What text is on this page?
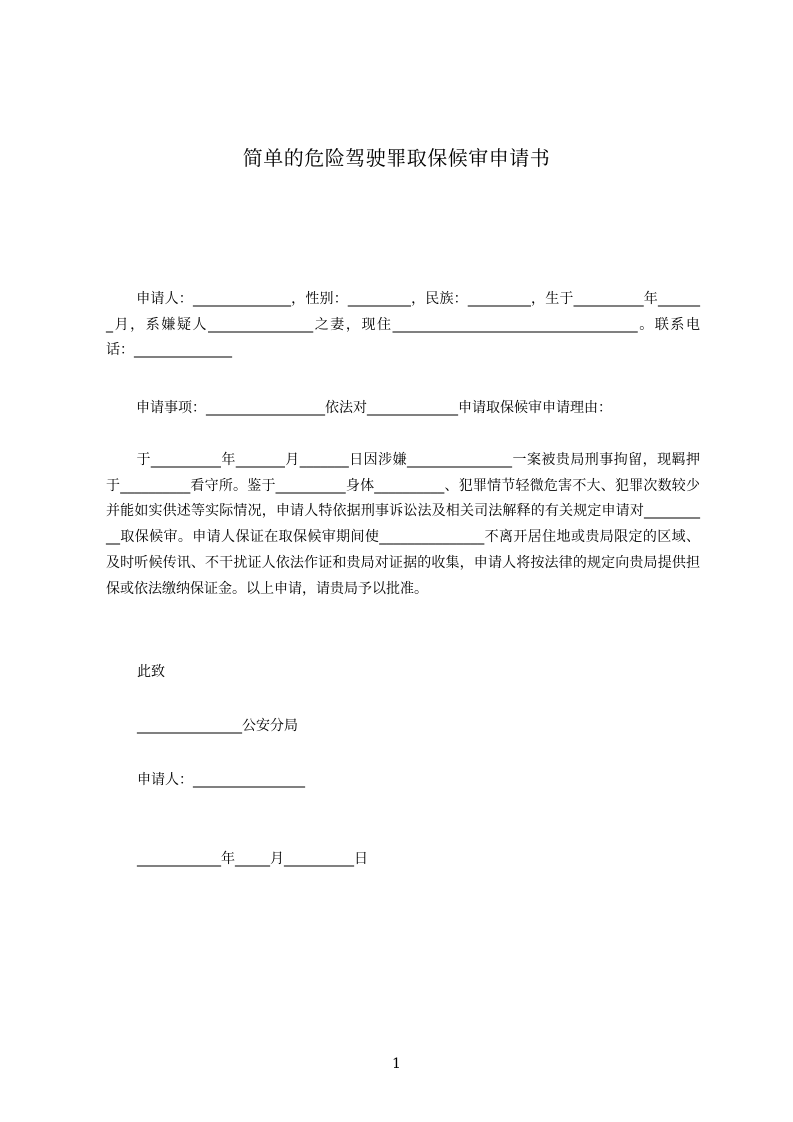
简单的危险驾驶罪取保候审申请书
申请人：______________，性别：_________，民族：_________，生于__________年_______月，系嫌疑人_______________之妻，现住___________________________________。联系电话：______________
申请事项：_________________依法对_____________申请取保候审申请理由：
于__________年_______月_______日因涉嫌_______________一案被贵局刑事拘留，现羁押于__________看守所。鉴于__________身体__________、犯罪情节轻微危害不大、犯罪次数较少并能如实供述等实际情况，申请人特依据刑事诉讼法及相关司法解释的有关规定申请对__________取保候审。申请人保证在取保候审期间使_______________不离开居住地或贵局限定的区域、及时听候传讯、不干扰证人依法作证和贵局对证据的收集，申请人将按法律的规定向贵局提供担保或依法缴纳保证金。以上申请，请贵局予以批准。
此致
_______________公安分局
申请人：________________
____________年_____月__________日
1
